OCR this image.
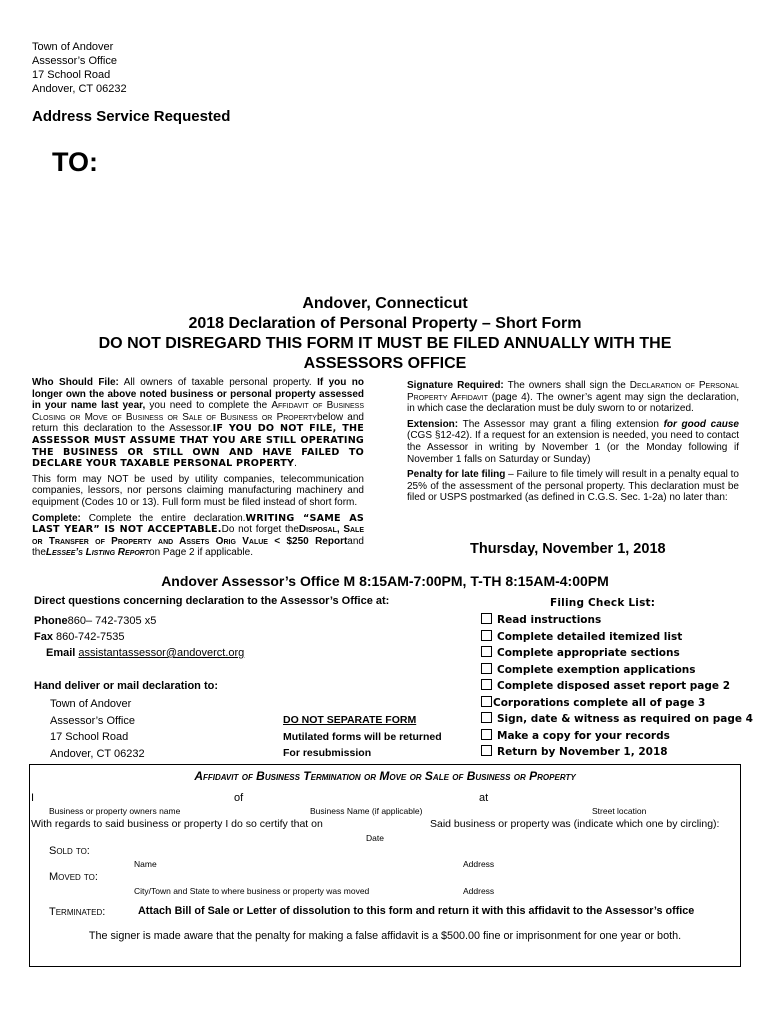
Town of Andover
Assessor’s Office
17 School Road
Andover, CT 06232
Address Service Requested
TO:
Andover, Connecticut
2018 Declaration of Personal Property – Short Form
DO NOT DISREGARD THIS FORM IT MUST BE FILED ANNUALLY WITH THE
ASSESSORS OFFICE
Who Should File: All owners of taxable personal property. If you no longer own the above noted business or personal property assessed in your name last year, you need to complete the Affidavit of Business Closing or Move of Business or Sale of Business or Propertybelow and return this declaration to the Assessor.IF YOU DO NOT FILE, THE ASSESSOR MUST ASSUME THAT YOU ARE STILL OPERATING THE BUSINESS OR STILL OWN AND HAVE FAILED TO DECLARE YOUR TAXABLE PERSONAL PROPERTY.
This form may NOT be used by utility companies, telecommunication companies, lessors, nor persons claiming manufacturing machinery and equipment (Codes 10 or 13). Full form must be filed instead of short form.
Complete: Complete the entire declaration.WRITING “SAME AS LAST YEAR” IS NOT ACCEPTABLE.Do not forget theDisposal, Sale or Transfer of Property and Assets Orig Value < $250 Reportand theLessee’s Listing Reporton Page 2 if applicable.
Signature Required: The owners shall sign the Declaration of Personal Property Affidavit (page 4). The owner’s agent may sign the declaration, in which case the declaration must be duly sworn to or notarized.
Extension: The Assessor may grant a filing extension for good cause (CGS §12-42). If a request for an extension is needed, you need to contact the Assessor in writing by November 1 (or the Monday following if November 1 falls on Saturday or Sunday)
Penalty for late filing – Failure to file timely will result in a penalty equal to 25% of the assessment of the personal property. This declaration must be filed or USPS postmarked (as defined in C.G.S. Sec. 1-2a) no later than:
Thursday, November 1, 2018
Andover Assessor’s Office M 8:15AM-7:00PM, T-TH 8:15AM-4:00PM
Direct questions concerning declaration to the Assessor’s Office at:
Phone860– 742-7305 x5
Fax 860-742-7535
Email assistantassessor@andoverct.org
Hand deliver or mail declaration to:
Town of Andover
Assessor’s Office
17 School Road
Andover, CT 06232
DO NOT SEPARATE FORM
Mutilated forms will be returned
For resubmission
Filing Check List:
Read instructions
Complete detailed itemized list
Complete appropriate sections
Complete exemption applications
Complete disposed asset report page 2
Corporations complete all of page 3
Sign, date & witness as required on page 4
Make a copy for your records
Return by November 1, 2018
Affidavit of Business Termination or Move or Sale of Business or Property
I	of	at
Business or property owners name	Business Name (if applicable)	Street location
With regards to said business or property I do so certify that on	Said business or property was (indicate which one by circling):
Date
Sold to:
Name	Address
Moved to:
City/Town and State to where business or property was moved	Address
Terminated:	Attach Bill of Sale or Letter of dissolution to this form and return it with this affidavit to the Assessor’s office
The signer is made aware that the penalty for making a false affidavit is a $500.00 fine or imprisonment for one year or both.
